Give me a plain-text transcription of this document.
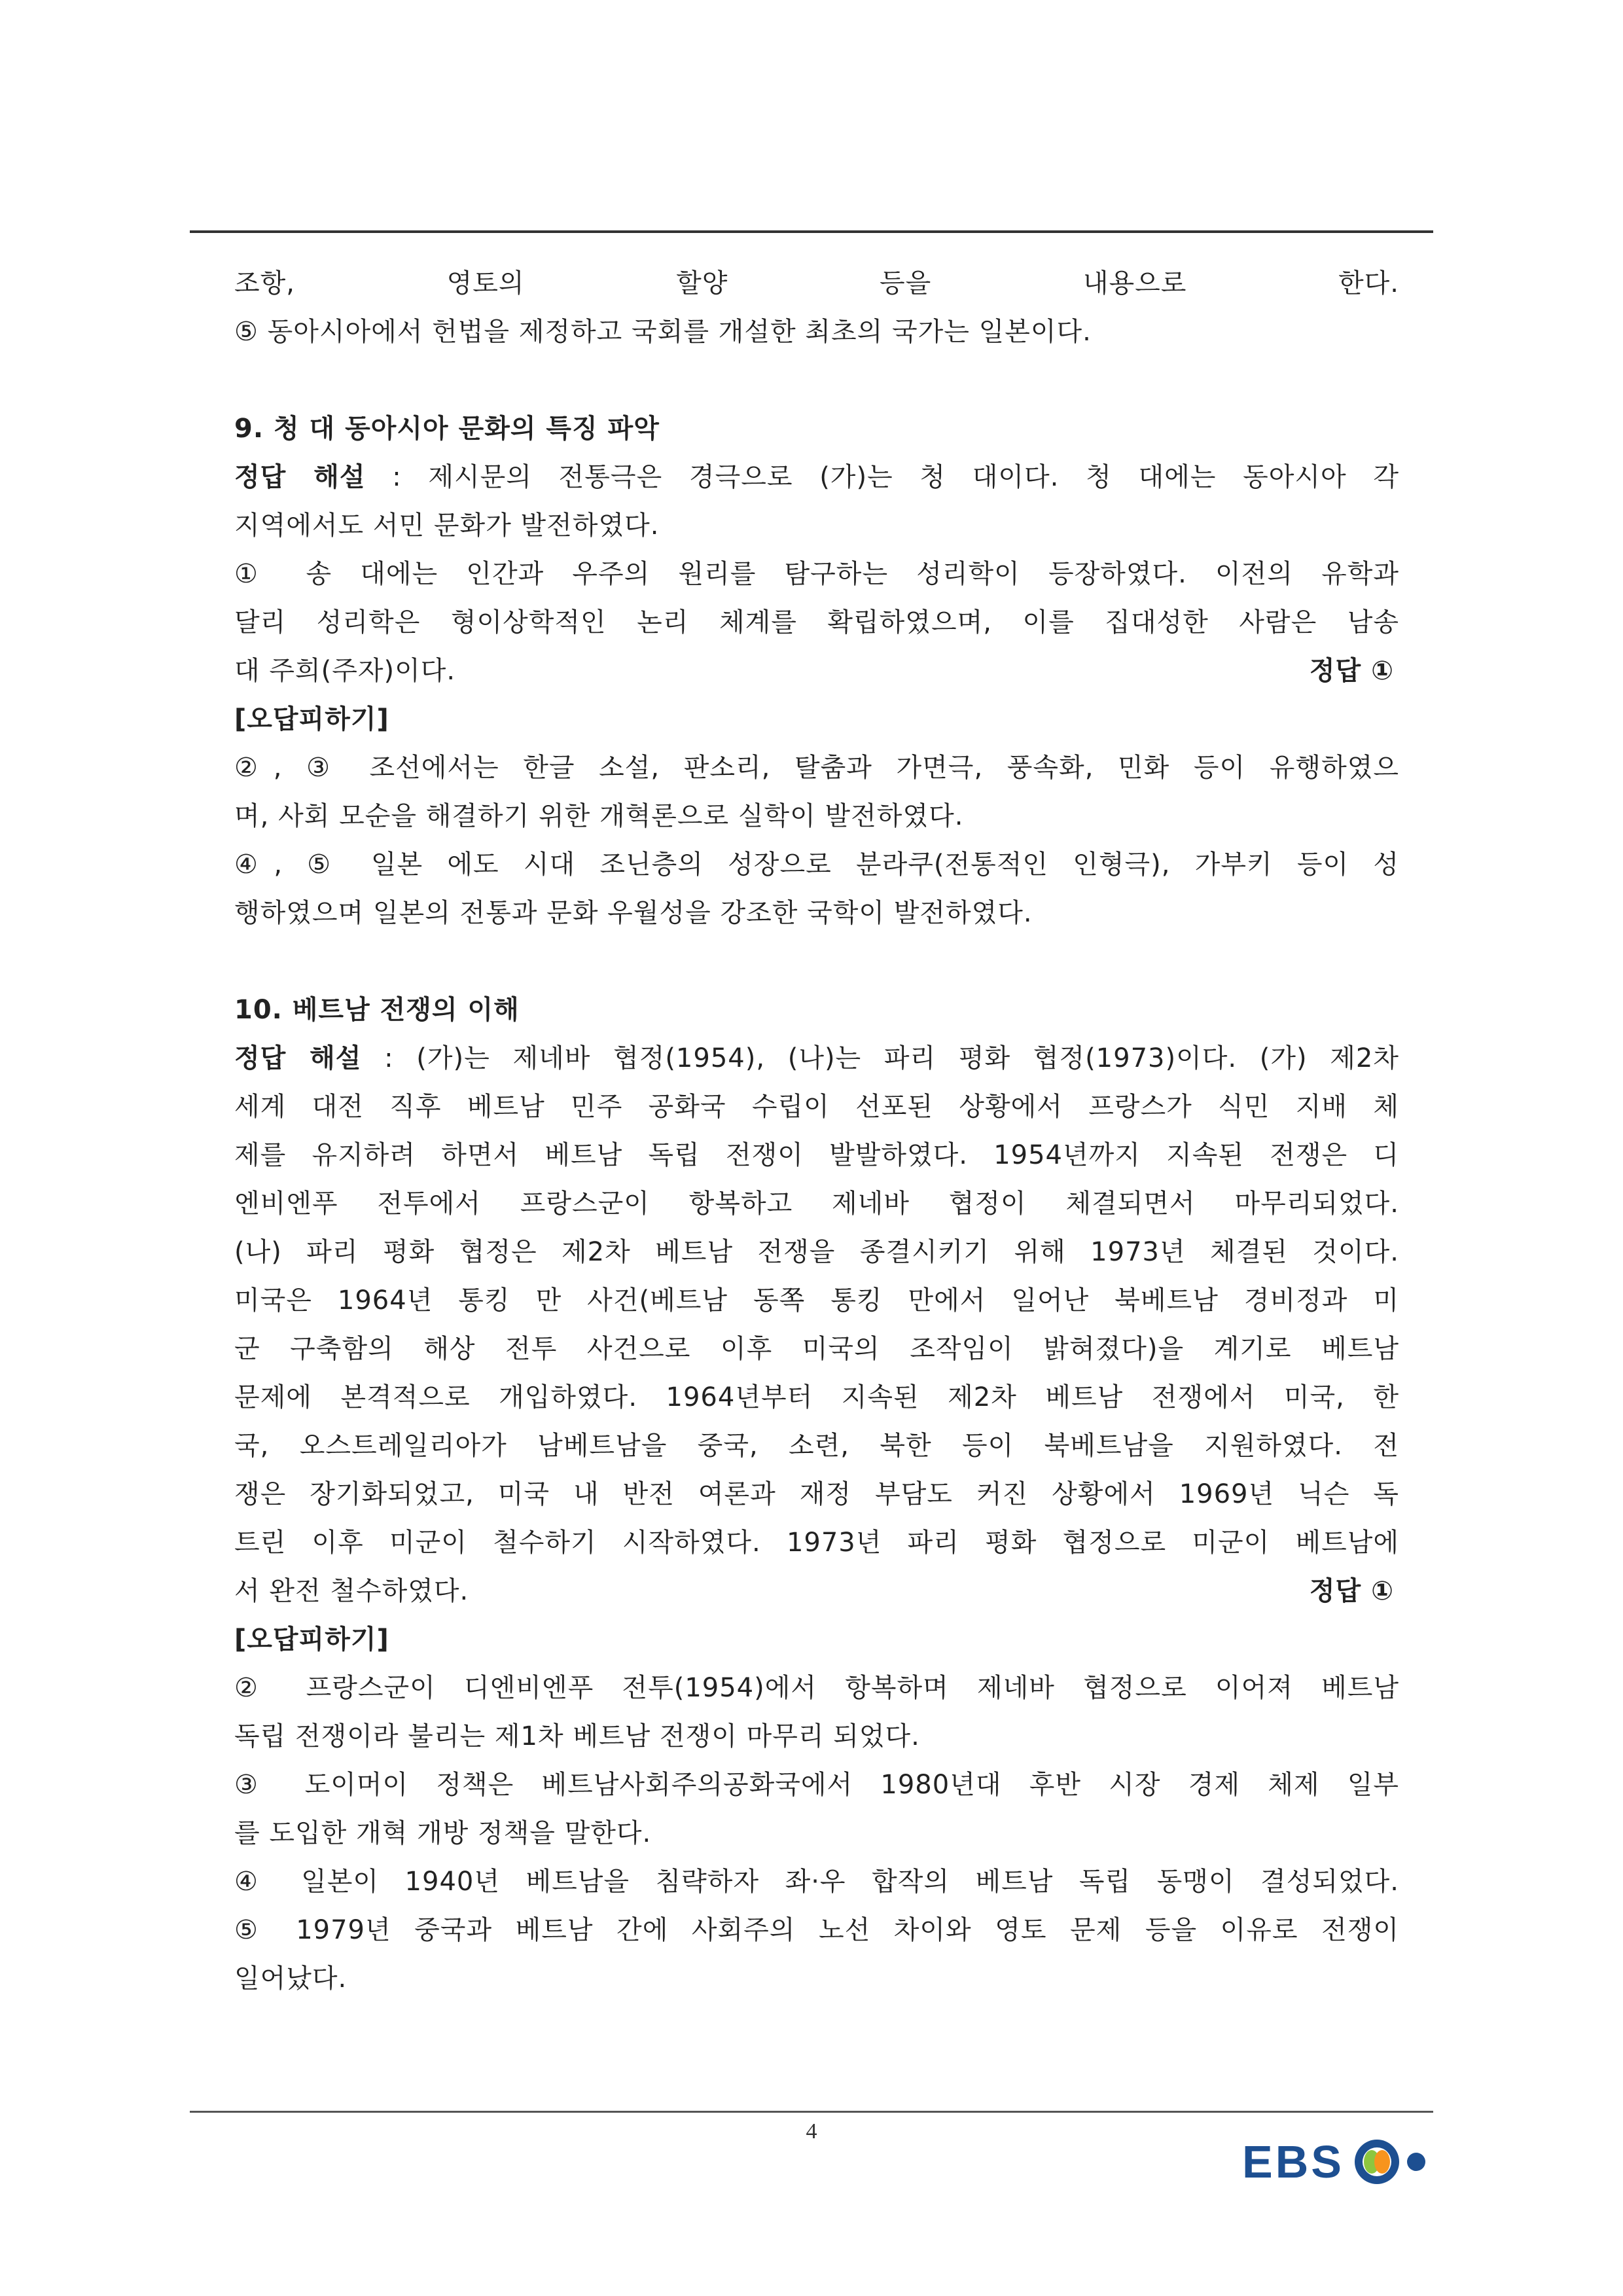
조항, 영토의 할양 등을 내용으로 한다.
⑤ 동아시아에서 헌법을 제정하고 국회를 개설한 최초의 국가는 일본이다.
9. 청 대 동아시아 문화의 특징 파악
정답 해설 : 제시문의 전통극은 경극으로 (가)는 청 대이다. 청 대에는 동아시아 각
지역에서도 서민 문화가 발전하였다.
① 송 대에는 인간과 우주의 원리를 탐구하는 성리학이 등장하였다. 이전의 유학과
달리 성리학은 형이상학적인 논리 체계를 확립하였으며, 이를 집대성한 사람은 남송
대 주희(주자)이다.	정답 ①
[오답피하기]
②, ③ 조선에서는 한글 소설, 판소리, 탈춤과 가면극, 풍속화, 민화 등이 유행하였으
며, 사회 모순을 해결하기 위한 개혁론으로 실학이 발전하였다.
④, ⑤ 일본 에도 시대 조닌층의 성장으로 분라쿠(전통적인 인형극), 가부키 등이 성
행하였으며 일본의 전통과 문화 우월성을 강조한 국학이 발전하였다.
10. 베트남 전쟁의 이해
정답 해설 : (가)는 제네바 협정(1954), (나)는 파리 평화 협정(1973)이다. (가) 제2차
세계 대전 직후 베트남 민주 공화국 수립이 선포된 상황에서 프랑스가 식민 지배 체
제를 유지하려 하면서 베트남 독립 전쟁이 발발하였다. 1954년까지 지속된 전쟁은 디
엔비엔푸 전투에서 프랑스군이 항복하고 제네바 협정이 체결되면서 마무리되었다.
(나) 파리 평화 협정은 제2차 베트남 전쟁을 종결시키기 위해 1973년 체결된 것이다.
미국은 1964년 통킹 만 사건(베트남 동쪽 통킹 만에서 일어난 북베트남 경비정과 미
군 구축함의 해상 전투 사건으로 이후 미국의 조작임이 밝혀졌다)을 계기로 베트남
문제에 본격적으로 개입하였다. 1964년부터 지속된 제2차 베트남 전쟁에서 미국, 한
국, 오스트레일리아가 남베트남을 중국, 소련, 북한 등이 북베트남을 지원하였다. 전
쟁은 장기화되었고, 미국 내 반전 여론과 재정 부담도 커진 상황에서 1969년 닉슨 독
트린 이후 미군이 철수하기 시작하였다. 1973년 파리 평화 협정으로 미군이 베트남에
서 완전 철수하였다.	정답 ①
[오답피하기]
② 프랑스군이 디엔비엔푸 전투(1954)에서 항복하며 제네바 협정으로 이어져 베트남
독립 전쟁이라 불리는 제1차 베트남 전쟁이 마무리 되었다.
③ 도이머이 정책은 베트남사회주의공화국에서 1980년대 후반 시장 경제 체제 일부
를 도입한 개혁 개방 정책을 말한다.
④ 일본이 1940년 베트남을 침략하자 좌·우 합작의 베트남 독립 동맹이 결성되었다.
⑤ 1979년 중국과 베트남 간에 사회주의 노선 차이와 영토 문제 등을 이유로 전쟁이
일어났다.
4
EBS
